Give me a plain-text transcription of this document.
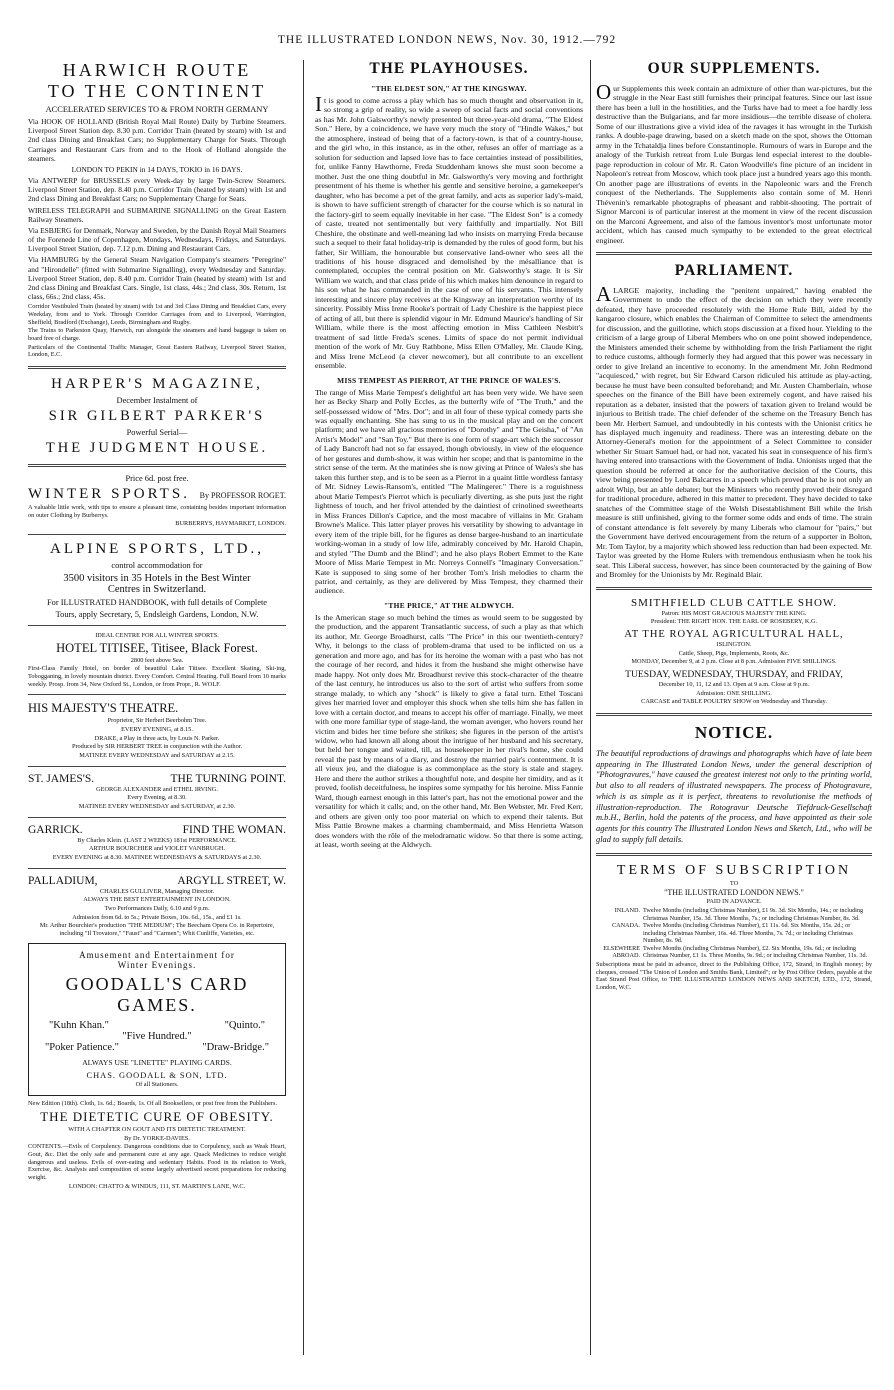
THE ILLUSTRATED LONDON NEWS, Nov. 30, 1912.—792
HARWICH ROUTE
TO THE CONTINENT
ACCELERATED SERVICES TO & FROM NORTH GERMANY

Via HOOK OF HOLLAND (British Royal Mail Route) Daily by Turbine Steamers. Liverpool Street Station dep. 8.30 p.m. Corridor Train (heated by steam) with 1st and 2nd class Dining and Breakfast Cars; no Supplementary Charge for Seats. Through Carriages and Restaurant Cars from and to the Hook of Holland alongside the steamers.

LONDON TO PEKIN in 14 DAYS, TOKIO in 16 DAYS.

Via ANTWERP for BRUSSELS every Week-day by large Twin-Screw Steamers. Liverpool Street Station, dep. 8.40 p.m. Corridor Train (heated by steam) with 1st and 2nd class Dining and Breakfast Cars; no Supplementary Charge for Seats.

WIRELESS TELEGRAPH and SUBMARINE SIGNALLING on the Great Eastern Railway Steamers.

Via ESBJERG for Denmark, Norway and Sweden, by the Danish Royal Mail Steamers of the Forenede Line of Copenhagen, Mondays, Wednesdays, Fridays, and Saturdays. Liverpool Street Station, dep. 7.12 p.m. Dining and Restaurant Cars.

Via HAMBURG by the General Steam Navigation Company's steamers "Peregrine" and "Hirondelle" (fitted with Submarine Signalling), every Wednesday and Saturday. Liverpool Street Station, dep. 8.40 p.m. Corridor Train (heated by steam) with 1st and 2nd class Dining and Breakfast Cars. Single, 1st class, 44s.; 2nd class, 30s. Return, 1st class, 66s.; 2nd class, 45s.

Corridor Vestibuled Train (heated by steam) with 1st and 3rd Class Dining and Breakfast Cars, every Weekday, from and to York. Through Corridor Carriages from and to Liverpool, Warrington, Sheffield, Bradford (Exchange), Leeds, Birmingham and Rugby.

The Trains to Parkeston Quay, Harwich, run alongside the steamers and hand baggage is taken on board free of charge.

Particulars of the Continental Traffic Manager, Great Eastern Railway, Liverpool Street Station, London, E.C.

HARPER'S MAGAZINE,
December Instalment of
SIR GILBERT PARKER'S
Powerful Serial—
THE JUDGMENT HOUSE.
Price 6d. post free.
WINTER SPORTS. By PROFESSOR ROGET.

A valuable little work, with tips to ensure a pleasant time, containing besides important information on outer Clothing by Burberrys.

BURBERRYS, HAYMARKET, LONDON.

ALPINE SPORTS, LTD.,
control accommodation for
3500 visitors in 35 Hotels in the Best Winter
Centres in Switzerland.
For ILLUSTRATED HANDBOOK, with full details of Complete
Tours, apply Secretary, 5, Endsleigh Gardens, London, N.W.
IDEAL CENTRE FOR ALL WINTER SPORTS.
HOTEL TITISEE, Titisee, Black Forest.
2800 feet above Sea.

First-Class Family Hotel, on border of beautiful Lake Titisee. Excellent Skating, Ski-ing, Tobogganing, in lovely mountain district. Every Comfort. Central Heating. Full Board from 10 marks weekly. Prosp. from 34, New Oxford St., London, or from Propr., R. WOLF.

HIS MAJESTY'S THEATRE.
Proprietor, Sir Herbert Beerbohm Tree.
EVERY EVENING, at 8.15.
DRAKE, a Play in three acts, by Louis N. Parker.
Produced by SIR HERBERT TREE in conjunction with the Author.
MATINEE EVERY WEDNESDAY and SATURDAY at 2.15.
ST. JAMES'S.	THE TURNING POINT.
GEORGE ALEXANDER and ETHEL IRVING.
Every Evening, at 8.30.
MATINEE EVERY WEDNESDAY and SATURDAY, at 2.30.
GARRICK.	FIND THE WOMAN.
By Charles Klein. (LAST 2 WEEKS) 181st PERFORMANCE.
ARTHUR BOURCHIER and VIOLET VANBRUGH.
EVERY EVENING at 8.30. MATINEE WEDNESDAYS & SATURDAYS at 2.30.
PALLADIUM,	ARGYLL STREET, W.
CHARLES GULLIVER, Managing Director.
ALWAYS THE BEST ENTERTAINMENT IN LONDON.
Two Performances Daily, 6.10 and 9 p.m.
Admission from 6d. to 5s.; Private Boxes, 10s. 6d., 15s., and £1 1s.
Mr. Arthur Bourchier's production "THE MEDIUM"; The Beecham Opera Co. in Repertoire, including "Il Trovatore," "Faust" and "Carmen"; Whit Cunliffe, Varieties, etc.
Amusement and Entertainment for
Winter Evenings.
GOODALL'S CARD GAMES.
"Kuhn Khan."	"Quinto."
"Five Hundred."
"Poker Patience."	"Draw-Bridge."
ALWAYS USE "LINETTE" PLAYING CARDS.
CHAS. GOODALL & SON, LTD.
Of all Stationers.

New Edition (18th). Cloth, 1s. 6d.; Boards, 1s. Of all Booksellers, or post free from the Publishers.

THE DIETETIC CURE OF OBESITY.
WITH A CHAPTER ON GOUT AND ITS DIETETIC TREATMENT.
By Dr. YORKE-DAVIES.

CONTENTS.—Evils of Corpulency. Dangerous conditions due to Corpulency, such as Weak Heart, Gout, &c. Diet the only safe and permanent cure at any age. Quack Medicines to reduce weight dangerous and useless. Evils of over-eating and sedentary Habits. Food in its relation to Work, Exercise, &c. Analysis and composition of some largely advertised secret preparations for reducing weight.

LONDON: CHATTO & WINDUS, 111, ST. MARTIN'S LANE, W.C.
THE PLAYHOUSES.
"THE ELDEST SON," AT THE KINGSWAY.

It is good to come across a play which has so much thought and observation in it, so strong a grip of reality, so wide a sweep of social facts and social conventions as has Mr. John Galsworthy's newly presented but three-year-old drama, "The Eldest Son." Here, by a coincidence, we have very much the story of "Hindle Wakes," but the atmosphere, instead of being that of a factory-town, is that of a country-house, and the girl who, in this instance, as in the other, refuses an offer of marriage as a solution for seduction and lapsed love has to face certainties instead of possibilities, for, unlike Fanny Hawthorne, Freda Studdenham knows she must soon become a mother. Just the one thing doubtful in Mr. Galsworthy's very moving and forthright presentment of his theme is whether his gentle and sensitive heroine, a gamekeeper's daughter, who has become a pet of the great family, and acts as superior lady's-maid, is shown to have sufficient strength of character for the course which is so natural in the factory-girl to seem equally inevitable in her case. "The Eldest Son" is a comedy of caste, treated not sentimentally but very faithfully and impartially. Not Bill Cheshire, the obstinate and well-meaning lad who insists on marrying Freda because such a sequel to their fatal holiday-trip is demanded by the rules of good form, but his father, Sir William, the honourable but conservative land-owner who sees all the traditions of his house disgraced and demolished by the mésalliance that is contemplated, occupies the central position on Mr. Galsworthy's stage. It is Sir William we watch, and that class pride of his which makes him denounce in regard to his son what he has commanded in the case of one of his servants. This intensely interesting and sincere play receives at the Kingsway an interpretation worthy of its sincerity. Possibly Miss Irene Rooke's portrait of Lady Cheshire is the happiest piece of acting of all, but there is splendid vigour in Mr. Edmund Maurice's handling of Sir William, while there is the most affecting emotion in Miss Cathleen Nesbitt's treatment of sad little Freda's scenes. Limits of space do not permit individual mention of the work of Mr. Guy Rathbone, Miss Ellen O'Malley, Mr. Claude King, and Miss Irene McLeod (a clever newcomer), but all contribute to an excellent ensemble.

MISS TEMPEST AS PIERROT, AT THE PRINCE OF WALES'S.

The range of Miss Marie Tempest's delightful art has been very wide. We have seen her as Becky Sharp and Polly Eccles, as the butterfly wife of "The Truth," and the self-possessed widow of "Mrs. Dot"; and in all four of these typical comedy parts she was equally enchanting. She has sung to us in the musical play and on the concert platform; and we have all gracious memories of "Dorothy" and "The Geisha," of "An Artist's Model" and "San Toy." But there is one form of stage-art which the successor of Lady Bancroft had not so far essayed, though obviously, in view of the eloquence of her gestures and dumb-show, it was within her scope; and that is pantomime in the strict sense of the term. At the matinées she is now giving at Prince of Wales's she has taken this further step, and is to be seen as a Pierrot in a quaint little wordless fantasy of Mr. Sidney Lewis-Ransom's, entitled "The Malingerer." There is a roguishness about Marie Tempest's Pierrot which is peculiarly diverting, as she puts just the right lightness of touch, and her frivol attended by the daintiest of crinolined sweethearts in Miss Frances Dillon's Caprice, and the most macabre of villains in Mr. Graham Browne's Malice. This latter player proves his versatility by showing to advantage in every item of the triple bill, for he figures as dense bargee-husband to an inarticulate working-woman in a study of low life, admirably conceived by Mr. Harold Chapin, and styled "The Dumb and the Blind"; and he also plays Robert Emmet to the Kate Moore of Miss Marie Tempest in Mr. Norreys Connell's "Imaginary Conversation." Kate is supposed to sing some of her brother Tom's Irish melodies to charm the patriot, and certainly, as they are delivered by Miss Tempest, they charmed their audience.

"THE PRICE," AT THE ALDWYCH.

Is the American stage so much behind the times as would seem to be suggested by the production, and the apparent Transatlantic success, of such a play as that which its author, Mr. George Broadhurst, calls "The Price" in this our twentieth-century? Why, it belongs to the class of problem-drama that used to be inflicted on us a generation and more ago, and has for its heroine the woman with a past who has not the courage of her record, and hides it from the husband she might otherwise have made happy. Not only does Mr. Broadhurst revive this stock-character of the theatre of the last century, he introduces us also to the sort of artist who suffers from some strange malady, to which any "shock" is likely to give a fatal turn. Ethel Toscani gives her married lover and employer this shock when she tells him she has fallen in love with a certain doctor, and means to accept his offer of marriage. Finally, we meet with one more familiar type of stage-land, the woman avenger, who hovers round her victim and bides her time before she strikes; she figures in the person of the artist's widow, who had known all along about the intrigue of her husband and his secretary, but held her tongue and waited, till, as housekeeper in her rival's home, she could reveal the past by means of a diary, and destroy the married pair's contentment. It is all vieux jeu, and the dialogue is as commonplace as the story is stale and stagey. Here and there the author strikes a thoughtful note, and despite her timidity, and as it proved, foolish deceitfulness, he inspires some sympathy for his heroine. Miss Fannie Ward, though earnest enough in this latter's part, has not the emotional power and the versatility for which it calls; and, on the other hand, Mr. Ben Webster, Mr. Fred Kerr, and others are given only too poor material on which to expend their talents. But Miss Pattie Browne makes a charming chambermaid, and Miss Henrietta Watson does wonders with the rôle of the melodramatic widow. So that there is some acting, at least, worth seeing at the Aldwych.

OUR SUPPLEMENTS.

Our Supplements this week contain an admixture of other than war-pictures, but the struggle in the Near East still furnishes their principal features. Since our last issue there has been a lull in the hostilities, and the Turks have had to meet a foe hardly less destructive than the Bulgarians, and far more insidious—the terrible disease of cholera. Some of our illustrations give a vivid idea of the ravages it has wrought in the Turkish ranks. A double-page drawing, based on a sketch made on the spot, shows the Ottoman army in the Tchataldja lines before Constantinople. Rumours of wars in Europe and the analogy of the Turkish retreat from Lule Burgas lend especial interest to the double-page reproduction in colour of Mr. R. Caton Woodville's fine picture of an incident in Napoleon's retreat from Moscow, which took place just a hundred years ago this month. On another page are illustrations of events in the Napoleonic wars and the French conquest of the Netherlands. The Supplements also contain some of M. Henri Thévenin's remarkable photographs of pheasant and rabbit-shooting. The portrait of Signor Marconi is of particular interest at the moment in view of the recent discussion on the Marconi Agreement, and also of the famous inventor's most unfortunate motor accident, which has caused much sympathy to be extended to the great electrical engineer.

PARLIAMENT.

ALARGE majority, including the "penitent unpaired," having enabled the Government to undo the effect of the decision on which they were recently defeated, they have proceeded resolutely with the Home Rule Bill, aided by the kangaroo closure, which enables the Chairman of Committee to select the amendments for discussion, and the guillotine, which stops discussion at a fixed hour. Yielding to the criticism of a large group of Liberal Members who on one point showed independence, the Ministers amended their scheme by withholding from the Irish Parliament the right to reduce customs, although formerly they had argued that this power was necessary in order to give Ireland an incentive to economy. In the amendment Mr. John Redmond "acquiesced," with regret, but Sir Edward Carson ridiculed his attitude as play-acting, because he must have been consulted beforehand; and Mr. Austen Chamberlain, whose speeches on the finance of the Bill have been extremely cogent, and have raised his reputation as a debater, insisted that the powers of taxation given to Ireland would be injurious to British trade. The chief defender of the scheme on the Treasury Bench has been Mr. Herbert Samuel, and undoubtedly in his contests with the Unionist critics he has displayed much ingenuity and readiness. There was an interesting debate on the Attorney-General's motion for the appointment of a Select Committee to consider whether Sir Stuart Samuel had, or had not, vacated his seat in consequence of his firm's having entered into transactions with the Government of India. Unionists urged that the question should be referred at once for the authoritative decision of the Courts, this view being presented by Lord Balcarres in a speech which proved that he is not only an adroit Whip, but an able debater; but the Ministers who recently proved their disregard for traditional procedure, adhered in this matter to precedent. They have decided to take snatches of the Committee stage of the Welsh Disestablishment Bill while the Irish measure is still unfinished, giving to the former some odds and ends of time. The strain of constant attendance is felt severely by many Liberals who clamour for "pairs," but the Government have derived encouragement from the return of a supporter in Bolton, Mr. Tom Taylor, by a majority which showed less reduction than had been expected. Mr. Taylor was greeted by the Home Rulers with tremendous enthusiasm when he took his seat. This Liberal success, however, has since been counteracted by the gaining of Bow and Bromley for the Unionists by Mr. Reginald Blair.

SMITHFIELD CLUB CATTLE SHOW.
Patron: HIS MOST GRACIOUS MAJESTY THE KING.
President: THE RIGHT HON. THE EARL OF ROSEBERY, K.G.
AT THE ROYAL AGRICULTURAL HALL,
ISLINGTON.
Cattle, Sheep, Pigs, Implements, Roots, &c.
MONDAY, December 9, at 2 p.m. Close at 8 p.m. Admission FIVE SHILLINGS.
TUESDAY, WEDNESDAY, THURSDAY, and FRIDAY,
December 10, 11, 12 and 13. Open at 9 a.m. Close at 9 p.m.
Admission: ONE SHILLING.
CARCASE and TABLE POULTRY SHOW on Wednesday and Thursday.
NOTICE.

The beautiful reproductions of drawings and photographs which have of late been appearing in The Illustrated London News, under the general description of "Photogravures," have caused the greatest interest not only to the printing world, but also to all readers of illustrated newspapers. The process of Photogravure, which is as simple as it is perfect, threatens to revolutionise the methods of illustration-reproduction. The Rotogravur Deutsche Tiefdruck-Gesellschaft m.b.H., Berlin, hold the patents of the process, and have appointed as their sole agents for this country The Illustrated London News and Sketch, Ltd., who will be glad to supply full details.

TERMS OF SUBSCRIPTION
TO
"THE ILLUSTRATED LONDON NEWS."
PAID IN ADVANCE.
INLAND. Twelve Months (including Christmas Number), £1 9s. 3d. Six Months, 14s.; or including Christmas Number, 15s. 3d. Three Months, 7s.; or including Christmas Number, 8s. 3d.
CANADA. Twelve Months (including Christmas Number), £1 11s. 6d. Six Months, 15s. 2d.; or including Christmas Number, 16s. 4d. Three Months, 7s. 7d.; or including Christmas Number, 8s. 9d.
ELSEWHERE ABROAD.
Twelve Months (including Christmas Number), £2. Six Months, 19s. 6d.; or including Christmas Number, £1 1s. Three Months, 9s. 9d.; or including Christmas Number, 11s. 3d.

Subscriptions must be paid in advance, direct to the Publishing Office, 172, Strand, in English money; by cheques, crossed "The Union of London and Smiths Bank, Limited"; or by Post Office Orders, payable at the East Strand Post Office, to THE ILLUSTRATED LONDON NEWS AND SKETCH, LTD., 172, Strand, London, W.C.
